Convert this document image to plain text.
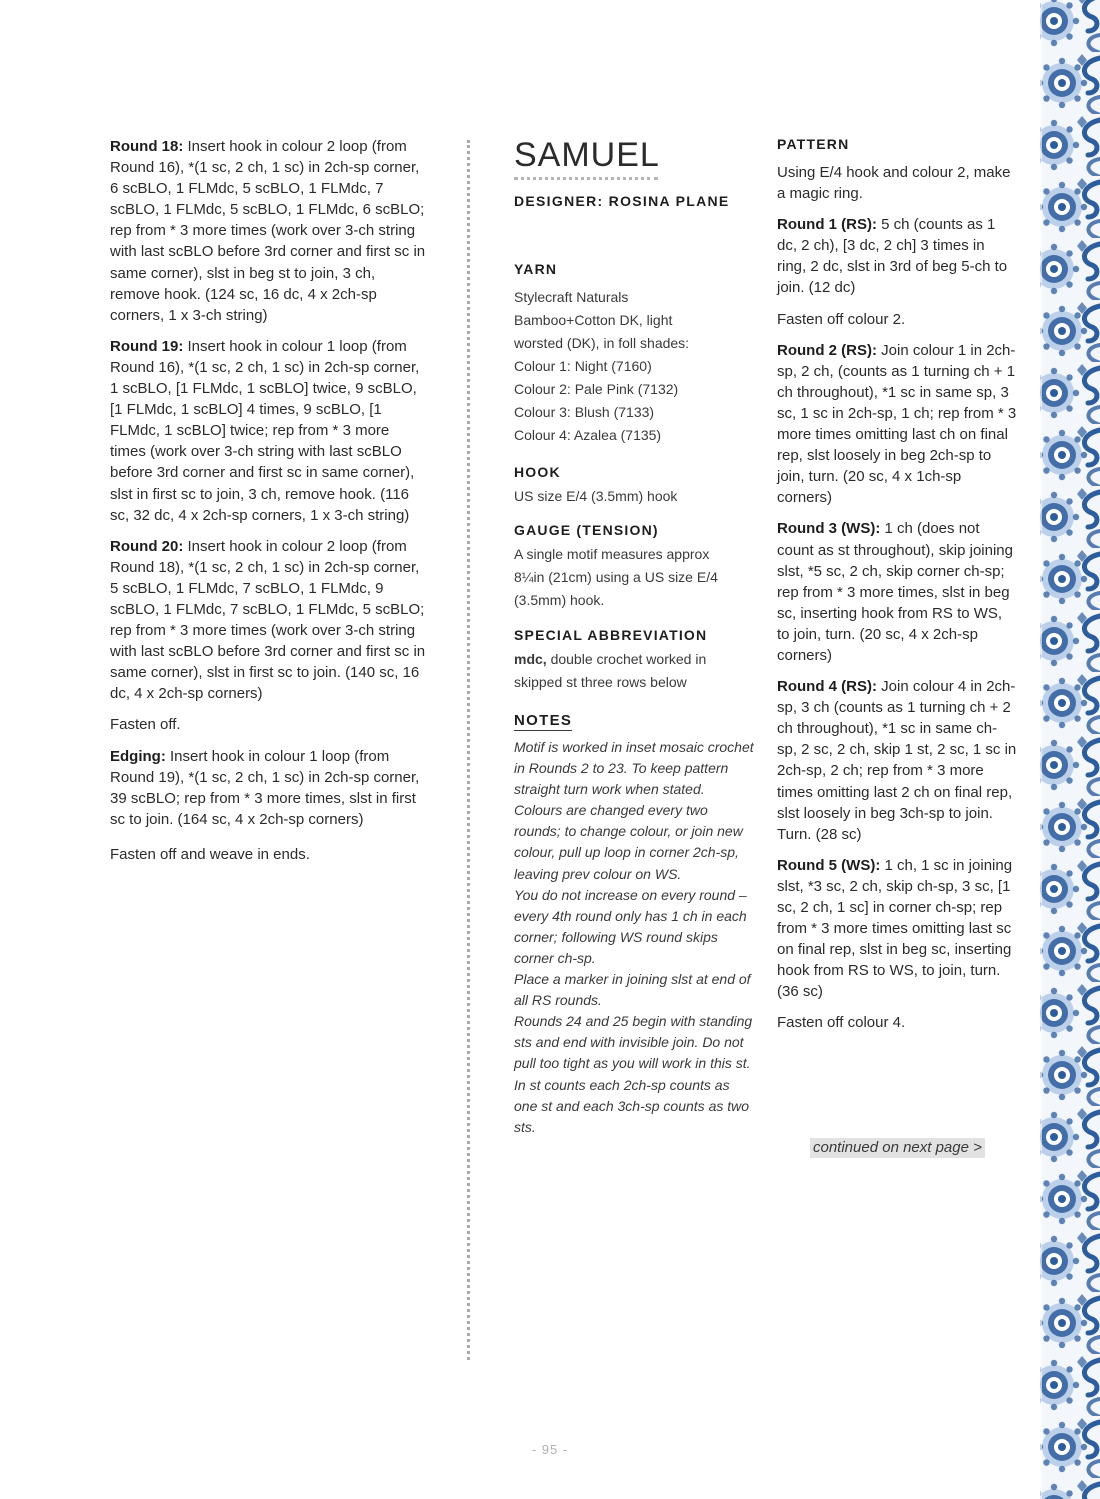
Round 18: Insert hook in colour 2 loop (from Round 16), *(1 sc, 2 ch, 1 sc) in 2ch-sp corner, 6 scBLO, 1 FLMdc, 5 scBLO, 1 FLMdc, 7 scBLO, 1 FLMdc, 5 scBLO, 1 FLMdc, 6 scBLO; rep from * 3 more times (work over 3-ch string with last scBLO before 3rd corner and first sc in same corner), slst in beg st to join, 3 ch, remove hook. (124 sc, 16 dc, 4 x 2ch-sp corners, 1 x 3-ch string)

Round 19: Insert hook in colour 1 loop (from Round 16), *(1 sc, 2 ch, 1 sc) in 2ch-sp corner, 1 scBLO, [1 FLMdc, 1 scBLO] twice, 9 scBLO, [1 FLMdc, 1 scBLO] 4 times, 9 scBLO, [1 FLMdc, 1 scBLO] twice; rep from * 3 more times (work over 3-ch string with last scBLO before 3rd corner and first sc in same corner), slst in first sc to join, 3 ch, remove hook. (116 sc, 32 dc, 4 x 2ch-sp corners, 1 x 3-ch string)

Round 20: Insert hook in colour 2 loop (from Round 18), *(1 sc, 2 ch, 1 sc) in 2ch-sp corner, 5 scBLO, 1 FLMdc, 7 scBLO, 1 FLMdc, 9 scBLO, 1 FLMdc, 7 scBLO, 1 FLMdc, 5 scBLO; rep from * 3 more times (work over 3-ch string with last scBLO before 3rd corner and first sc in same corner), slst in first sc to join. (140 sc, 16 dc, 4 x 2ch-sp corners)

Fasten off.

Edging: Insert hook in colour 1 loop (from Round 19), *(1 sc, 2 ch, 1 sc) in 2ch-sp corner, 39 scBLO; rep from * 3 more times, slst in first sc to join. (164 sc, 4 x 2ch-sp corners)

Fasten off and weave in ends.

SAMUEL

DESIGNER: ROSINA PLANE

YARN

Stylecraft Naturals

Bamboo+Cotton DK, light

worsted (DK), in foll shades:

Colour 1: Night (7160)

Colour 2: Pale Pink (7132)

Colour 3: Blush (7133)

Colour 4: Azalea (7135)

HOOK

US size E/4 (3.5mm) hook

GAUGE (TENSION)

A single motif measures approx

8¼in (21cm) using a US size E/4

(3.5mm) hook.

SPECIAL ABBREVIATION

mdc, double crochet worked in skipped st three rows below

NOTES

Motif is worked in inset mosaic crochet in Rounds 2 to 23. To keep pattern straight turn work when stated.
Colours are changed every two rounds; to change colour, or join new colour, pull up loop in corner 2ch-sp, leaving prev colour on WS.
You do not increase on every round – every 4th round only has 1 ch in each corner; following WS round skips corner ch-sp.
Place a marker in joining slst at end of all RS rounds.
Rounds 24 and 25 begin with standing sts and end with invisible join. Do not pull too tight as you will work in this st.
In st counts each 2ch-sp counts as one st and each 3ch-sp counts as two sts.

PATTERN

Using E/4 hook and colour 2, make a magic ring.

Round 1 (RS): 5 ch (counts as 1 dc, 2 ch), [3 dc, 2 ch] 3 times in ring, 2 dc, slst in 3rd of beg 5-ch to join. (12 dc)

Fasten off colour 2.

Round 2 (RS): Join colour 1 in 2ch-sp, 2 ch, (counts as 1 turning ch + 1 ch throughout), *1 sc in same sp, 3 sc, 1 sc in 2ch-sp, 1 ch; rep from * 3 more times omitting last ch on final rep, slst loosely in beg 2ch-sp to join, turn. (20 sc, 4 x 1ch-sp corners)

Round 3 (WS): 1 ch (does not count as st throughout), skip joining slst, *5 sc, 2 ch, skip corner ch-sp; rep from * 3 more times, slst in beg sc, inserting hook from RS to WS, to join, turn. (20 sc, 4 x 2ch-sp corners)

Round 4 (RS): Join colour 4 in 2ch-sp, 3 ch (counts as 1 turning ch + 2 ch throughout), *1 sc in same ch-sp, 2 sc, 2 ch, skip 1 st, 2 sc, 1 sc in 2ch-sp, 2 ch; rep from * 3 more times omitting last 2 ch on final rep, slst loosely in beg 3ch-sp to join. Turn. (28 sc)

Round 5 (WS): 1 ch, 1 sc in joining slst, *3 sc, 2 ch, skip ch-sp, 3 sc, [1 sc, 2 ch, 1 sc] in corner ch-sp; rep from * 3 more times omitting last sc on final rep, slst in beg sc, inserting hook from RS to WS, to join, turn. (36 sc)

Fasten off colour 4.

continued on next page >
- 95 -
